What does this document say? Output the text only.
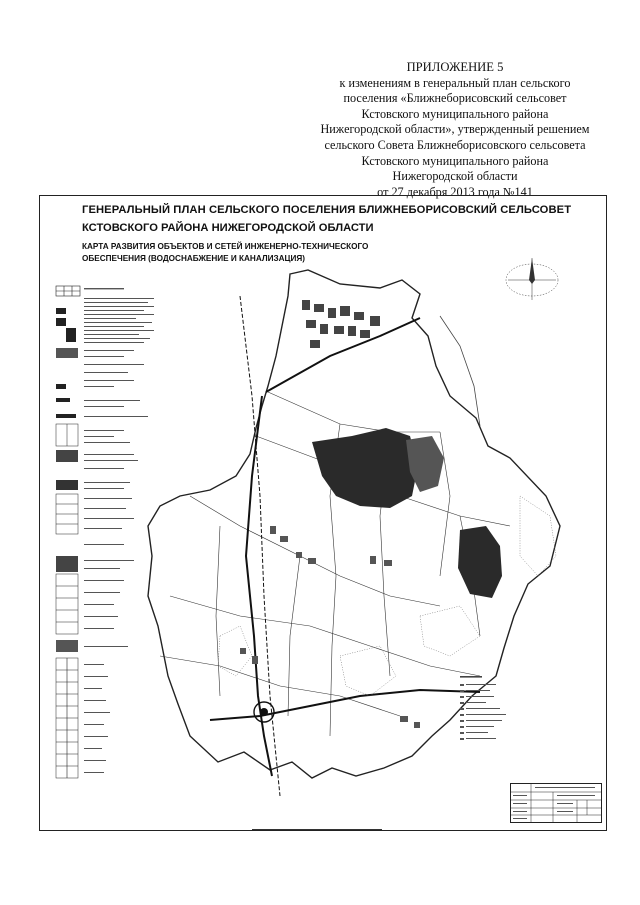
ПРИЛОЖЕНИЕ 5
к изменениям в генеральный план сельского
поселения «Ближнеборисовский сельсовет
Кстовского муниципального района
Нижегородской области», утвержденный решением
сельского Совета Ближнеборисовского сельсовета
Кстовского муниципального района
Нижегородской области
от 27 декабря 2013 года №141
ГЕНЕРАЛЬНЫЙ ПЛАН СЕЛЬСКОГО ПОСЕЛЕНИЯ БЛИЖНЕБОРИСОВСКИЙ СЕЛЬСОВЕТ
КСТОВСКОГО РАЙОНА НИЖЕГОРОДСКОЙ ОБЛАСТИ
КАРТА РАЗВИТИЯ ОБЪЕКТОВ И СЕТЕЙ ИНЖЕНЕРНО-ТЕХНИЧЕСКОГО
ОБЕСПЕЧЕНИЯ (ВОДОСНАБЖЕНИЕ И КАНАЛИЗАЦИЯ)
